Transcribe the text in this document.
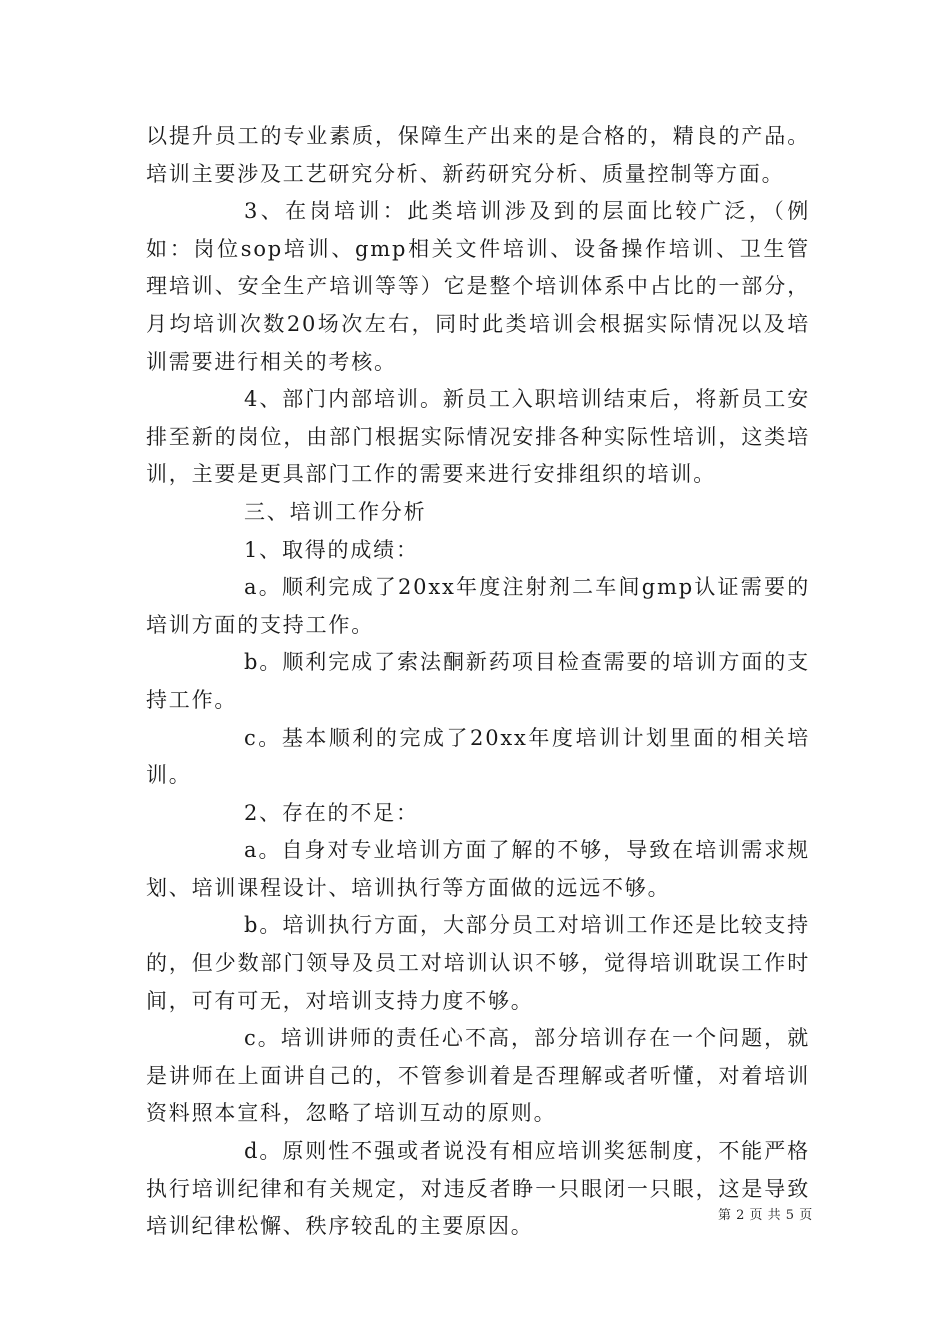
以提升员工的专业素质，保障生产出来的是合格的，精良的产品。培训主要涉及工艺研究分析、新药研究分析、质量控制等方面。

3、在岗培训：此类培训涉及到的层面比较广泛，（例如：岗位sop培训、gmp相关文件培训、设备操作培训、卫生管理培训、安全生产培训等等）它是整个培训体系中占比的一部分，月均培训次数20场次左右，同时此类培训会根据实际情况以及培训需要进行相关的考核。

4、部门内部培训。新员工入职培训结束后，将新员工安排至新的岗位，由部门根据实际情况安排各种实际性培训，这类培训，主要是更具部门工作的需要来进行安排组织的培训。

三、培训工作分析

1、取得的成绩：

a。顺利完成了20xx年度注射剂二车间gmp认证需要的培训方面的支持工作。

b。顺利完成了索法酮新药项目检查需要的培训方面的支持工作。

c。基本顺利的完成了20xx年度培训计划里面的相关培训。

2、存在的不足：

a。自身对专业培训方面了解的不够，导致在培训需求规划、培训课程设计、培训执行等方面做的远远不够。

b。培训执行方面，大部分员工对培训工作还是比较支持的，但少数部门领导及员工对培训认识不够，觉得培训耽误工作时间，可有可无，对培训支持力度不够。

c。培训讲师的责任心不高，部分培训存在一个问题，就是讲师在上面讲自己的，不管参训着是否理解或者听懂，对着培训资料照本宣科，忽略了培训互动的原则。

d。原则性不强或者说没有相应培训奖惩制度，不能严格执行培训纪律和有关规定，对违反者睁一只眼闭一只眼，这是导致培训纪律松懈、秩序较乱的主要原因。	第 2 页 共 5 页
